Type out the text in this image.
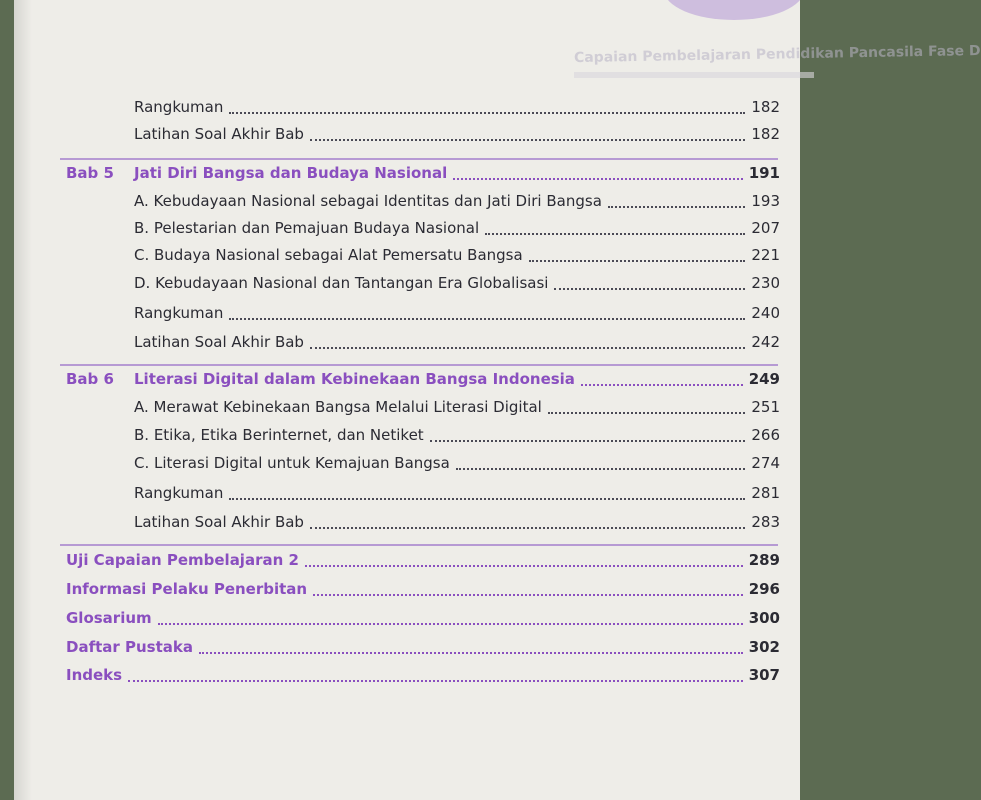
Capaian Pembelajaran Pendidikan Pancasila Fase D
Rangkuman	182
Latihan Soal Akhir Bab	182
Bab 5	Jati Diri Bangsa dan Budaya Nasional	191
A. Kebudayaan Nasional sebagai Identitas dan Jati Diri Bangsa	193
B. Pelestarian dan Pemajuan Budaya Nasional	207
C. Budaya Nasional sebagai Alat Pemersatu Bangsa	221
D. Kebudayaan Nasional dan Tantangan Era Globalisasi	230
Rangkuman	240
Latihan Soal Akhir Bab	242
Bab 6	Literasi Digital dalam Kebinekaan Bangsa Indonesia	249
A. Merawat Kebinekaan Bangsa Melalui Literasi Digital	251
B. Etika, Etika Berinternet, dan Netiket	266
C. Literasi Digital untuk Kemajuan Bangsa	274
Rangkuman	281
Latihan Soal Akhir Bab	283
Uji Capaian Pembelajaran 2	289
Informasi Pelaku Penerbitan	296
Glosarium	300
Daftar Pustaka	302
Indeks	307
